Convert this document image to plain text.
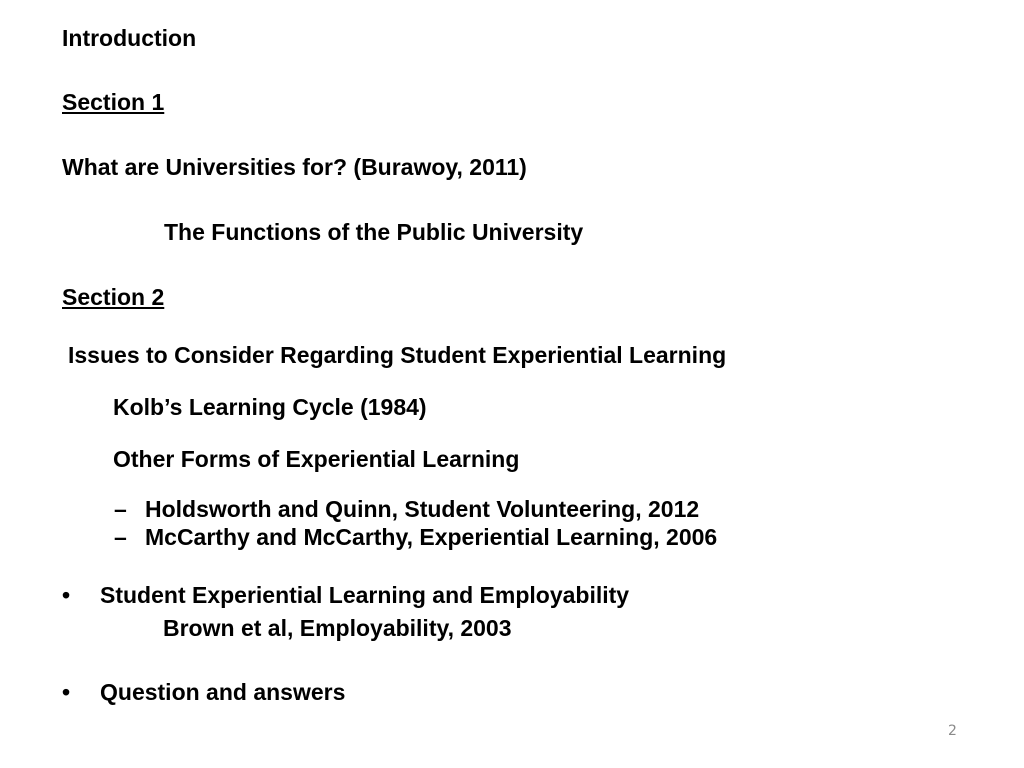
Introduction
Section 1
What are Universities for? (Burawoy, 2011)
The Functions of the Public University
Section 2
Issues to Consider Regarding Student Experiential Learning
Kolb’s Learning Cycle (1984)
Other Forms of Experiential Learning
– Holdsworth and Quinn, Student Volunteering, 2012
– McCarthy and McCarthy, Experiential Learning, 2006
• Student Experiential Learning and Employability
Brown et al, Employability, 2003
• Question and answers
2
